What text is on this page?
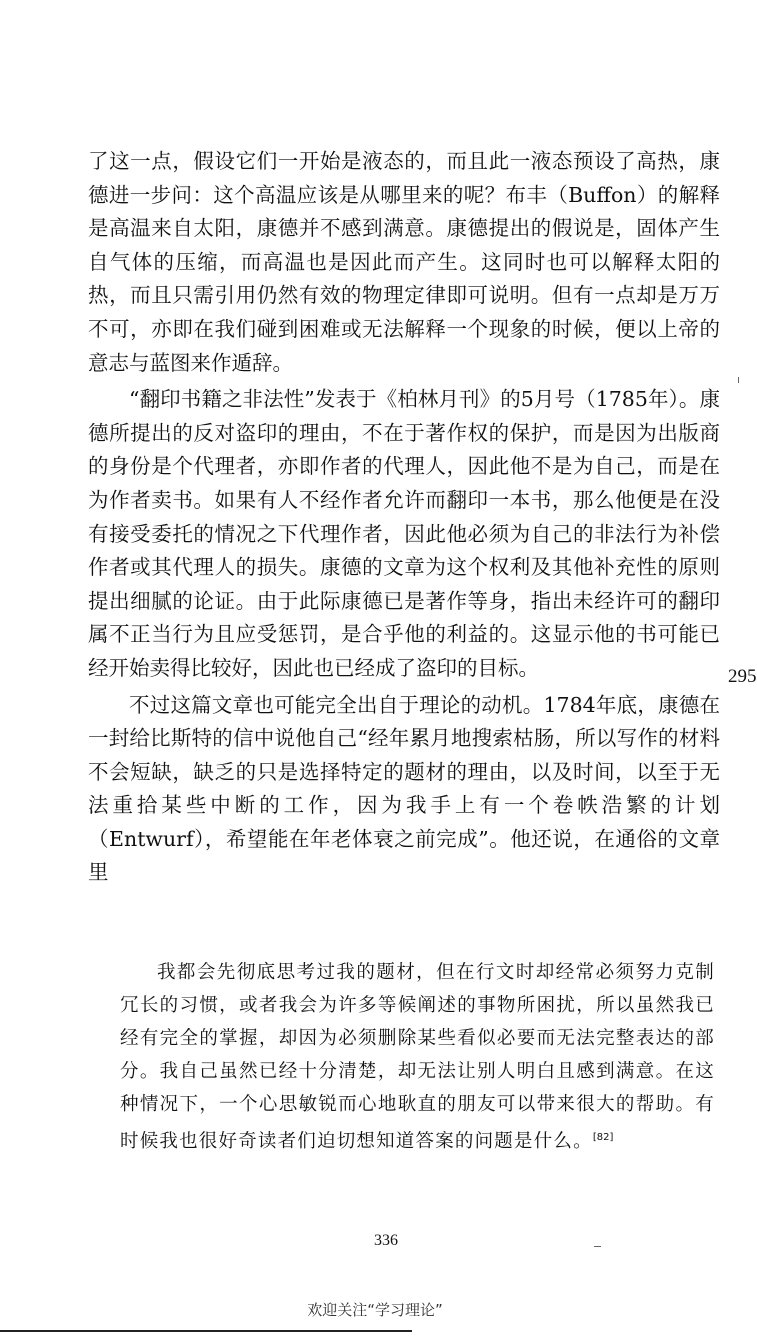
了这一点，假设它们一开始是液态的，而且此一液态预设了高热，康德进一步问：这个高温应该是从哪里来的呢？布丰（Buffon）的解释是高温来自太阳，康德并不感到满意。康德提出的假说是，固体产生自气体的压缩，而高温也是因此而产生。这同时也可以解释太阳的热，而且只需引用仍然有效的物理定律即可说明。但有一点却是万万不可，亦即在我们碰到困难或无法解释一个现象的时候，便以上帝的意志与蓝图来作遁辞。

“翻印书籍之非法性”发表于《柏林月刊》的5月号（1785年）。康德所提出的反对盗印的理由，不在于著作权的保护，而是因为出版商的身份是个代理者，亦即作者的代理人，因此他不是为自己，而是在为作者卖书。如果有人不经作者允许而翻印一本书，那么他便是在没有接受委托的情况之下代理作者，因此他必须为自己的非法行为补偿作者或其代理人的损失。康德的文章为这个权利及其他补充性的原则提出细腻的论证。由于此际康德已是著作等身，指出未经许可的翻印属不正当行为且应受惩罚，是合乎他的利益的。这显示他的书可能已经开始卖得比较好，因此也已经成了盗印的目标。

不过这篇文章也可能完全出自于理论的动机。1784年底，康德在一封给比斯特的信中说他自己“经年累月地搜索枯肠，所以写作的材料不会短缺，缺乏的只是选择特定的题材的理由，以及时间，以至于无法重拾某些中断的工作，因为我手上有一个卷帙浩繁的计划（Entwurf），希望能在年老体衰之前完成”。他还说，在通俗的文章里

我都会先彻底思考过我的题材，但在行文时却经常必须努力克制冗长的习惯，或者我会为许多等候阐述的事物所困扰，所以虽然我已经有完全的掌握，却因为必须删除某些看似必要而无法完整表达的部分。我自己虽然已经十分清楚，却无法让别人明白且感到满意。在这种情况下，一个心思敏锐而心地耿直的朋友可以带来很大的帮助。有时候我也很好奇读者们迫切想知道答案的问题是什么。[82]

295
336
欢迎关注“学习理论”
